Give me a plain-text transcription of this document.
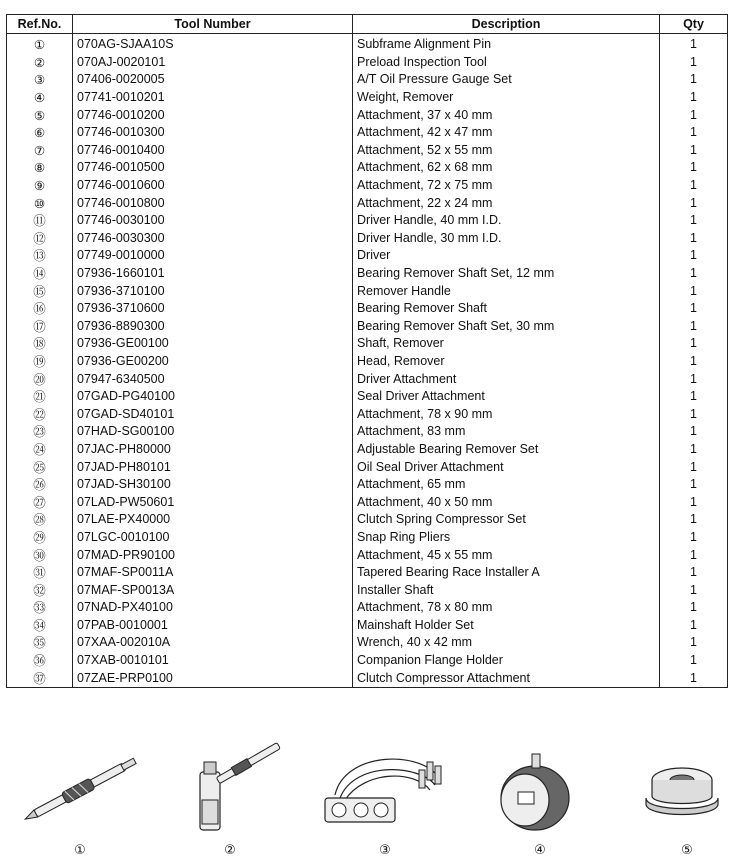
Ref.No.	Tool Number	Description	Qty
①	070AG-SJAA10S	Subframe Alignment Pin	1
②	070AJ-0020101	Preload Inspection Tool	1
③	07406-0020005	A/T Oil Pressure Gauge Set	1
④	07741-0010201	Weight, Remover	1
⑤	07746-0010200	Attachment, 37 x 40 mm	1
⑥	07746-0010300	Attachment, 42 x 47 mm	1
⑦	07746-0010400	Attachment, 52 x 55 mm	1
⑧	07746-0010500	Attachment, 62 x 68 mm	1
⑨	07746-0010600	Attachment, 72 x 75 mm	1
⑩	07746-0010800	Attachment, 22 x 24 mm	1
⑪	07746-0030100	Driver Handle, 40 mm I.D.	1
⑫	07746-0030300	Driver Handle, 30 mm I.D.	1
⑬	07749-0010000	Driver	1
⑭	07936-1660101	Bearing Remover Shaft Set, 12 mm	1
⑮	07936-3710100	Remover Handle	1
⑯	07936-3710600	Bearing Remover Shaft	1
⑰	07936-8890300	Bearing Remover Shaft Set, 30 mm	1
⑱	07936-GE00100	Shaft, Remover	1
⑲	07936-GE00200	Head, Remover	1
⑳	07947-6340500	Driver Attachment	1
㉑	07GAD-PG40100	Seal Driver Attachment	1
㉒	07GAD-SD40101	Attachment, 78 x 90 mm	1
㉓	07HAD-SG00100	Attachment, 83 mm	1
㉔	07JAC-PH80000	Adjustable Bearing Remover Set	1
㉕	07JAD-PH80101	Oil Seal Driver Attachment	1
㉖	07JAD-SH30100	Attachment, 65 mm	1
㉗	07LAD-PW50601	Attachment, 40 x 50 mm	1
㉘	07LAE-PX40000	Clutch Spring Compressor Set	1
㉙	07LGC-0010100	Snap Ring Pliers	1
㉚	07MAD-PR90100	Attachment, 45 x 55 mm	1
㉛	07MAF-SP0011A	Tapered Bearing Race Installer A	1
㉜	07MAF-SP0013A	Installer Shaft	1
㉝	07NAD-PX40100	Attachment, 78 x 80 mm	1
㉞	07PAB-0010001	Mainshaft Holder Set	1
㉟	07XAA-002010A	Wrench, 40 x 42 mm	1
㊱	07XAB-0010101	Companion Flange Holder	1
㊲	07ZAE-PRP0100	Clutch Compressor Attachment	1
①	②	③	④	⑤
